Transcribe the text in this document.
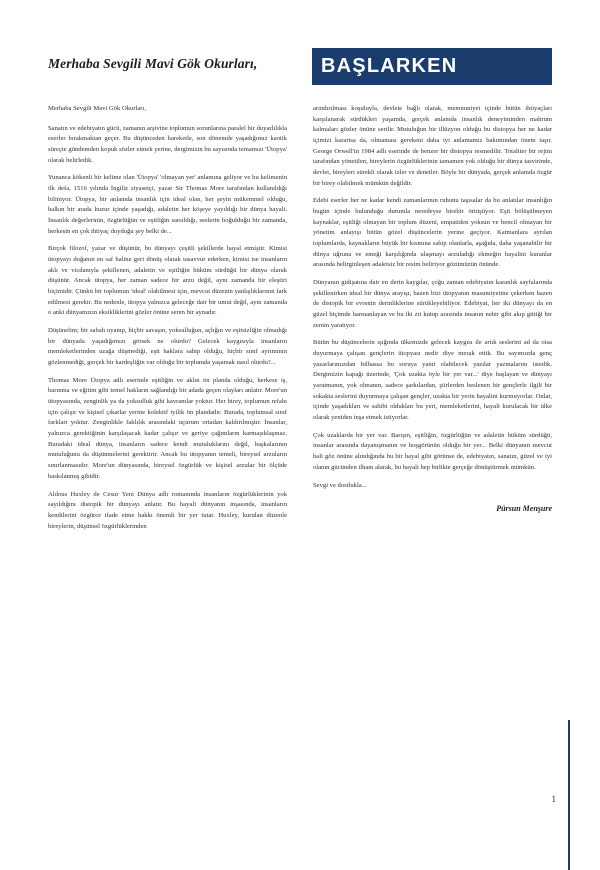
Merhaba Sevgili Mavi Gök Okurları,	BAŞLARKEN

Merhaba Sevgili Mavi Gök Okurları,

Sanatın ve edebiyatın gücü, zamanın arşivine toplumun sorunlarına paralel bir duyarlılıkla eserler bırakmaktan geçer. Bu düşünceden hareketle, son dönemde yaşadığımız kaotik süreçte gündemden kopuk sözler etmek yerine, dergimizin bu sayısında temamızı 'Ütopya' olarak belirledik.

Yunanca kökenli bir kelime olan 'Ütopya' 'olmayan yer' anlamına geliyor ve bu kelimenin ilk defa, 1516 yılında İngiliz siyasetçi, yazar Sir Thomas More tarafından kullanıldığı biliniyor. Ütopya, bir anlamda insanlık için ideal olan, her şeyin mükemmel olduğu, halkın bir arada huzur içinde yaşadığı, adaletin her köşeye yayıldığı bir dünya hayali. İnsanlık değerlerinin, özgürlüğün ve eşitliğin sarsıldığı, seslerin boğulduğu bir zamanda, herkesin en çok ihtiyaç duyduğu şey belki de...

Birçok filozof, yazar ve düşünür, bu dünyayı çeşitli şekillerde hayal etmiştir. Kimisi ütopyayı doğanın en saf haline geri dönüş olarak tasavvur ederken, kimisi ise insanların aklı ve vicdanıyla şekillenen, adaletin ve eşitliğin hüküm sürdüğü bir dünya olarak düşünür. Ancak ütopya, her zaman sadece bir arzu değil, aynı zamanda bir eleştiri biçimidir. Çünkü bir toplumun 'ideal' olabilmesi için, mevcut düzenin yanlışlıklarının fark edilmesi gerekir. Bu nedenle, ütopya yalnızca geleceğe dair bir umut değil, aynı zamanda o anki dünyamızın eksikliklerini gözler önüne seren bir aynadır.

Düşünelim; bir sabah uyanıp, hiçbir savaşın, yoksulluğun, açlığın ve eşitsizliğin olmadığı bir dünyada yaşadığımızı görsek ne olurdu? Gelecek kaygısıyla insanların memleketlerinden uzağa düşmediği, eşit haklara sahip olduğu, hiçbir sınıf ayrımının gözlenmediği, gerçek bir kardeşliğin var olduğu bir toplumda yaşamak nasıl olurdu?...

Thomas More Ütopya adlı eserinde eşitliğin ve aklın ön planda olduğu, herkese iş, barınma ve eğitim gibi temel hakların sağlandığı bir adada geçen olayları anlatır. More'un ütopyasında, zenginlik ya da yoksulluk gibi kavramlar yoktur. Her birey, toplumun refahı için çalışır ve kişisel çıkarlar yerine kolektif iyilik ön plandadır. Burada, toplumsal sınıf farkları yoktur. Zenginlikle faklılık arasındaki uçurum ortadan kaldırılmıştır. İnsanlar, yalnızca gerektiğinin karşılaşacak kadar çalışır ve geriye çağımların karmaşıklaşmaz. Buradaki ideal dünya, insanların sadece kendi mutuluklarını değil, başkalarının mutuluğunu da düşünmelerini gerektirir. Ancak bu ütopyanın temeli, bireysel arzuların sınırlanmasıdır. More'un dünyasında, bireysel özgürlük ve kişisel arzular bir ölçüde baskılanmış gibidir.

Aldous Huxley de Cesur Yeni Dünya adlı romanında insanların özgürlüklerinin yok sayıldığını distopik bir dünyayı anlatır. Bu hayali dünyanın inşasında, insanların kendilerini özgürce ifade etme hakkı önemli bir yer tutar. Huxley, kurulan düzenle bireylerin, düşünsel özgürlüklerinden

arındırılması koşuluyla, devlete bağlı olarak, memnuniyet içinde bütün ihtiyaçları karşılanarak sürdükleri yaşamda, gerçek anlamda insanlık deneyiminden mahrum kalmaları gözler önüne serilir. Mutuluğun bir illüzyon olduğu bu distopya her ne kadar içimizi karartsa da, olmaması gerekeni daha iyi anlamamız bakımından önem taşır. George Orwell'in 1984 adlı eserinde de benzer bir distopya resmedilir. Totaliter bir rejim tarafından yönetilen, bireylerin özgürlüklerinin tamamen yok olduğu bir dünya tasvirinde, devlet, bireyleri sürekli olarak izler ve denetler. Böyle bir dünyada, gerçek anlamda özgür bir birey olabilmek mümkün değildir.

Edebi eserler her ne kadar kendi zamanlarının ruhunu taşısalar da bu anlatılar insanlığın bugün içinde bulunduğu durumla neredeyse birebir örtüşüyor. Eşit bölüşülmeyen kaynaklar, eşitliği olmayan bir toplum düzeni, empatiden yoksun ve bencil olmayan bir yönetim anlayışı bütün gözel düşüncelerin yerine geçiyor. Katmanlara ayrılan toplumlarda, kaynakların büyük bir kısmına sahip olanlarla, aşağıda, daha yaşanabilir bir dünya uğruna ve emeği karşılığında ulaşmayı arzuladığı ekmeğin hayalini kuranlar arasında belirginleşen adaletsiz bir resim beliriyor gözümüzün önünde.

Dünyanın gidişatına dair en derin kaygılar, çoğu zaman edebiyatın karanlık sayfalarında şekillenirken ideal bir dünya arayışı, bazen bizi ütopyanın masumiyetine çekerken bazen de distopik bir evrenin derinliklerine sürükleyebiliyor. Edebiyat, her iki dünyayı da en güzel biçimde harmanlayan ve bu iki zıt kutup arasında insanın nehir gibi akıp gittiği bir zemin yaratıyor.

Bütün bu düşüncelerin ışığında ülkemizde gelecek kaygısı ile artık seslerini ad da oisa duyurmaya çalışan gençlerin ütopyası nedir diye merak ettik. Bu sayımızda genç yazarlarımızdan bilhassa bu soruya yanıt olabilecek yazılar yazmalarını istedik. Dergimizin kapağı üzerinde, 'Çok uzakta öyle bir yer var...' diye başlayan ve dünyayı yaratmanın, yok olmanın, sadece şarkılardan, şiirlerden beslenen bir gençlerle ilgili bir sokakta seslerini duyurmaya çalışan gençler, uzakta bir yerin hayalini kurmuyorlar. Onlar, içinde yaşadıkları ve sahibi oldukları bu yeri, memleketlerini, hayali kurulacak bir ülke olarak yeniden inşa etmek istiyorlar.

Çok uzaklarda bir yer var. Barışın, eşitliğin, özgürlüğün ve adaletin hüküm sürdüğü, insanlar arasında dayanışmanın ve hoşgörünün olduğu bir yer... Belki dünyanın mevcut hali göz önüne alındığında bu bir hayal gibi görünse de, edebiyatın, sanatın, güzel ve iyi olanın gücünden ilham alarak, bu hayali hep birlikte gerçeğe dönüştürmek mümkün.

Sevgi ve dostlukla...

Pürsun Menşure
1
